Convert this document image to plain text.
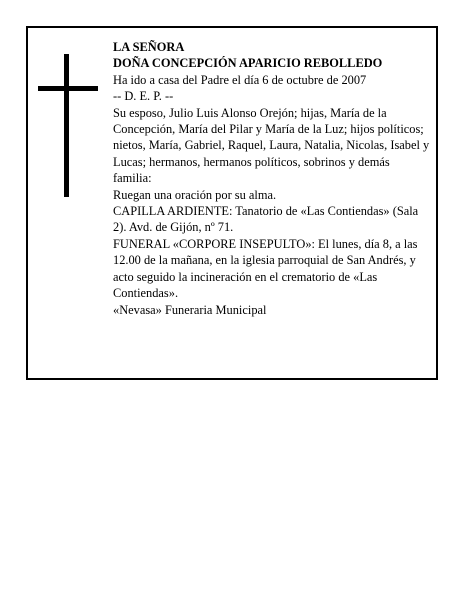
LA SEÑORA

DOÑA CONCEPCIÓN APARICIO REBOLLEDO

Ha ido a casa del Padre el día 6 de octubre de 2007

-- D. E. P. --

Su esposo, Julio Luis Alonso Orejón; hijas, María de la Concepción, María del Pilar y María de la Luz; hijos políticos; nietos, María, Gabriel, Raquel, Laura, Natalia, Nicolas, Isabel y Lucas; hermanos, hermanos políticos, sobrinos y demás familia:

Ruegan una oración por su alma.

CAPILLA ARDIENTE: Tanatorio de «Las Contiendas» (Sala 2). Avd. de Gijón, nº 71.

FUNERAL «CORPORE INSEPULTO»: El lunes, día 8, a las 12.00 de la mañana, en la iglesia parroquial de San Andrés, y acto seguido la incineración en el crematorio de «Las Contiendas».

«Nevasa» Funeraria Municipal
